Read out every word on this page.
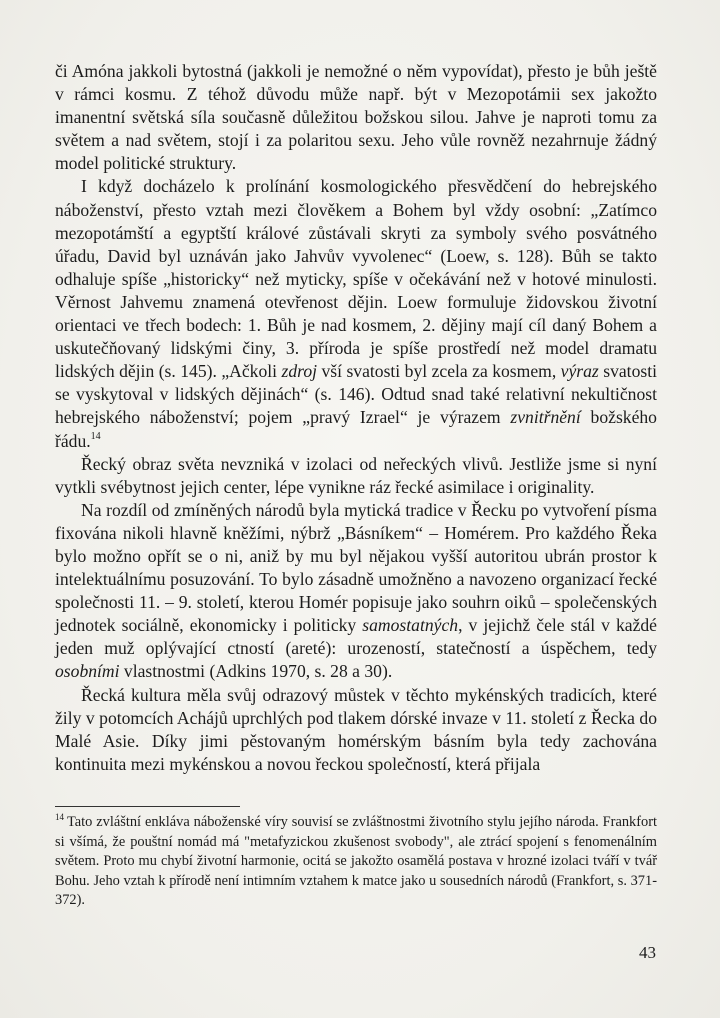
či Amóna jakkoli bytostná (jakkoli je nemožné o něm vypovídat), přesto je bůh ještě v rámci kosmu. Z téhož důvodu může např. být v Mezopotámii sex jakožto imanentní světská síla současně důležitou božskou silou. Jahve je naproti tomu za světem a nad světem, stojí i za polaritou sexu. Jeho vůle rovněž nezahrnuje žádný model politické struktury.

I když docházelo k prolínání kosmologického přesvědčení do hebrejského náboženství, přesto vztah mezi člověkem a Bohem byl vždy osobní: „Zatímco mezopotámští a egyptští králové zůstávali skryti za symboly svého posvátného úřadu, David byl uznáván jako Jahvův vyvolenec“ (Loew, s. 128). Bůh se takto odhaluje spíše „historicky“ než myticky, spíše v očekávání než v hotové minulosti. Věrnost Jahvemu znamená otevřenost dějin. Loew formuluje židovskou životní orientaci ve třech bodech: 1. Bůh je nad kosmem, 2. dějiny mají cíl daný Bohem a uskutečňovaný lidskými činy, 3. příroda je spíše prostředí než model dramatu lidských dějin (s. 145). „Ačkoli zdroj vší svatosti byl zcela za kosmem, výraz svatosti se vyskytoval v lidských dějinách“ (s. 146). Odtud snad také relativní nekultičnost hebrejského náboženství; pojem „pravý Izrael“ je výrazem zvnitřnění božského řádu.$^{14}$

Řecký obraz světa nevzniká v izolaci od neřeckých vlivů. Jestliže jsme si nyní vytkli svébytnost jejich center, lépe vynikne ráz řecké asimilace i originality.

Na rozdíl od zmíněných národů byla mytická tradice v Řecku po vytvoření písma fixována nikoli hlavně kněžími, nýbrž „Básníkem“ – Homérem. Pro každého Řeka bylo možno opřít se o ni, aniž by mu byl nějakou vyšší autoritou ubrán prostor k intelektuálnímu posuzování. To bylo zásadně umožněno a navozeno organizací řecké společnosti 11. – 9. století, kterou Homér popisuje jako souhrn oiků – společenských jednotek sociálně, ekonomicky i politicky samostatných, v jejichž čele stál v každé jeden muž oplývající ctností (areté): urozeností, statečností a úspěchem, tedy osobními vlastnostmi (Adkins 1970, s. 28 a 30).

Řecká kultura měla svůj odrazový můstek v těchto mykénských tradicích, které žily v potomcích Achájů uprchlých pod tlakem dórské invaze v 11. století z Řecka do Malé Asie. Díky jimi pěstovaným homérským básním byla tedy zachována kontinuita mezi mykénskou a novou řeckou společností, která přijala

$^{14}$ Tato zvláštní enkláva náboženské víry souvisí se zvláštnostmi životního stylu jejího národa. Frankfort si všímá, že pouštní nomád má "metafyzickou zkušenost svobody", ale ztrácí spojení s fenomenálním světem. Proto mu chybí životní harmonie, ocitá se jakožto osamělá postava v hrozné izolaci tváří v tvář Bohu. Jeho vztah k přírodě není intimním vztahem k matce jako u sousedních národů (Frankfort, s. 371-372).

43
